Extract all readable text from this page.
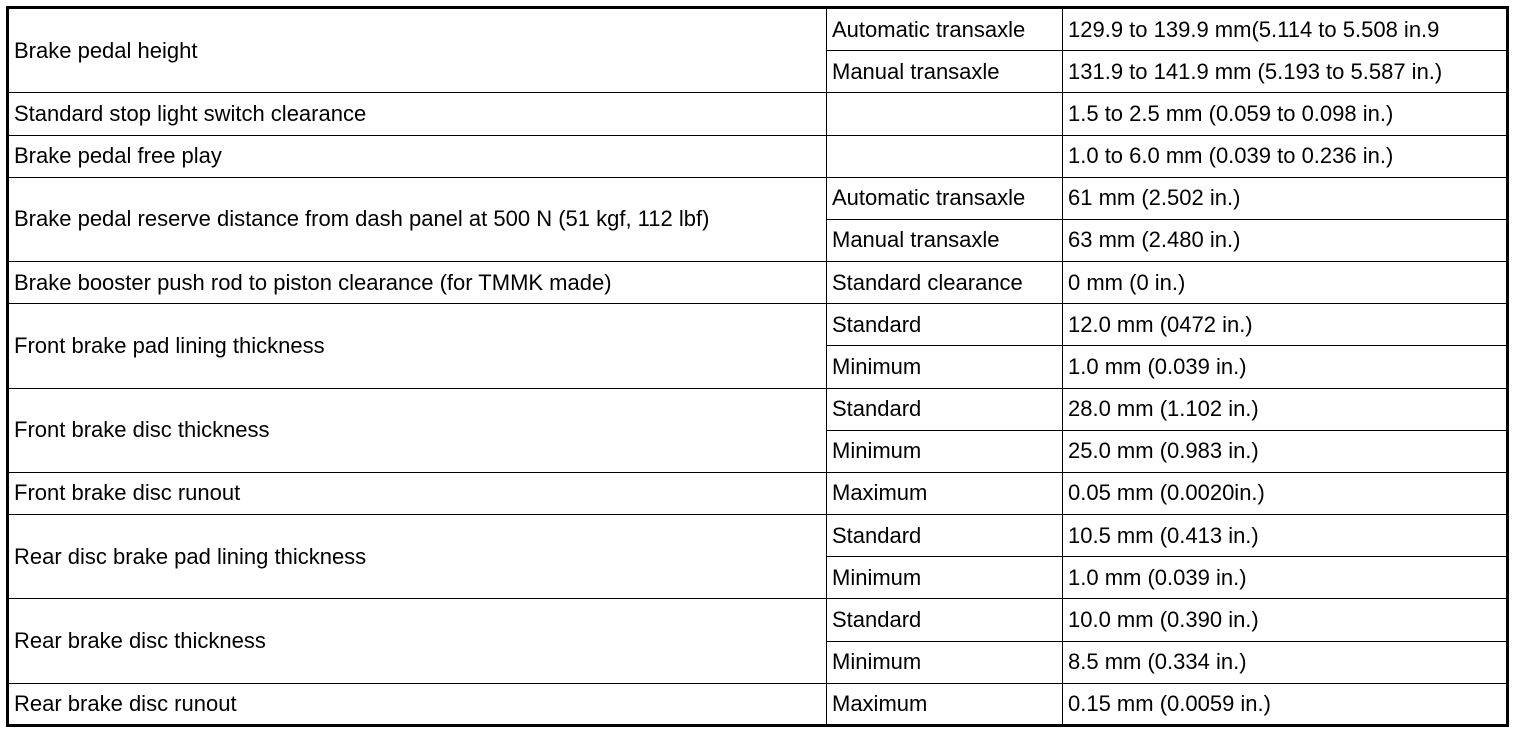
Brake pedal height	Automatic transaxle	129.9 to 139.9 mm(5.114 to 5.508 in.9
	Manual transaxle	131.9 to 141.9 mm (5.193 to 5.587 in.)
Standard stop light switch clearance		1.5 to 2.5 mm (0.059 to 0.098 in.)
Brake pedal free play		1.0 to 6.0 mm (0.039 to 0.236 in.)
Brake pedal reserve distance from dash panel at 500 N (51 kgf, 112 lbf)	Automatic transaxle	61 mm (2.502 in.)
	Manual transaxle	63 mm (2.480 in.)
Brake booster push rod to piston clearance (for TMMK made)	Standard clearance	0 mm (0 in.)
Front brake pad lining thickness	Standard	12.0 mm (0472 in.)
	Minimum	1.0 mm (0.039 in.)
Front brake disc thickness	Standard	28.0 mm (1.102 in.)
	Minimum	25.0 mm (0.983 in.)
Front brake disc runout	Maximum	0.05 mm (0.0020in.)
Rear disc brake pad lining thickness	Standard	10.5 mm (0.413 in.)
	Minimum	1.0 mm (0.039 in.)
Rear brake disc thickness	Standard	10.0 mm (0.390 in.)
	Minimum	8.5 mm (0.334 in.)
Rear brake disc runout	Maximum	0.15 mm (0.0059 in.)
